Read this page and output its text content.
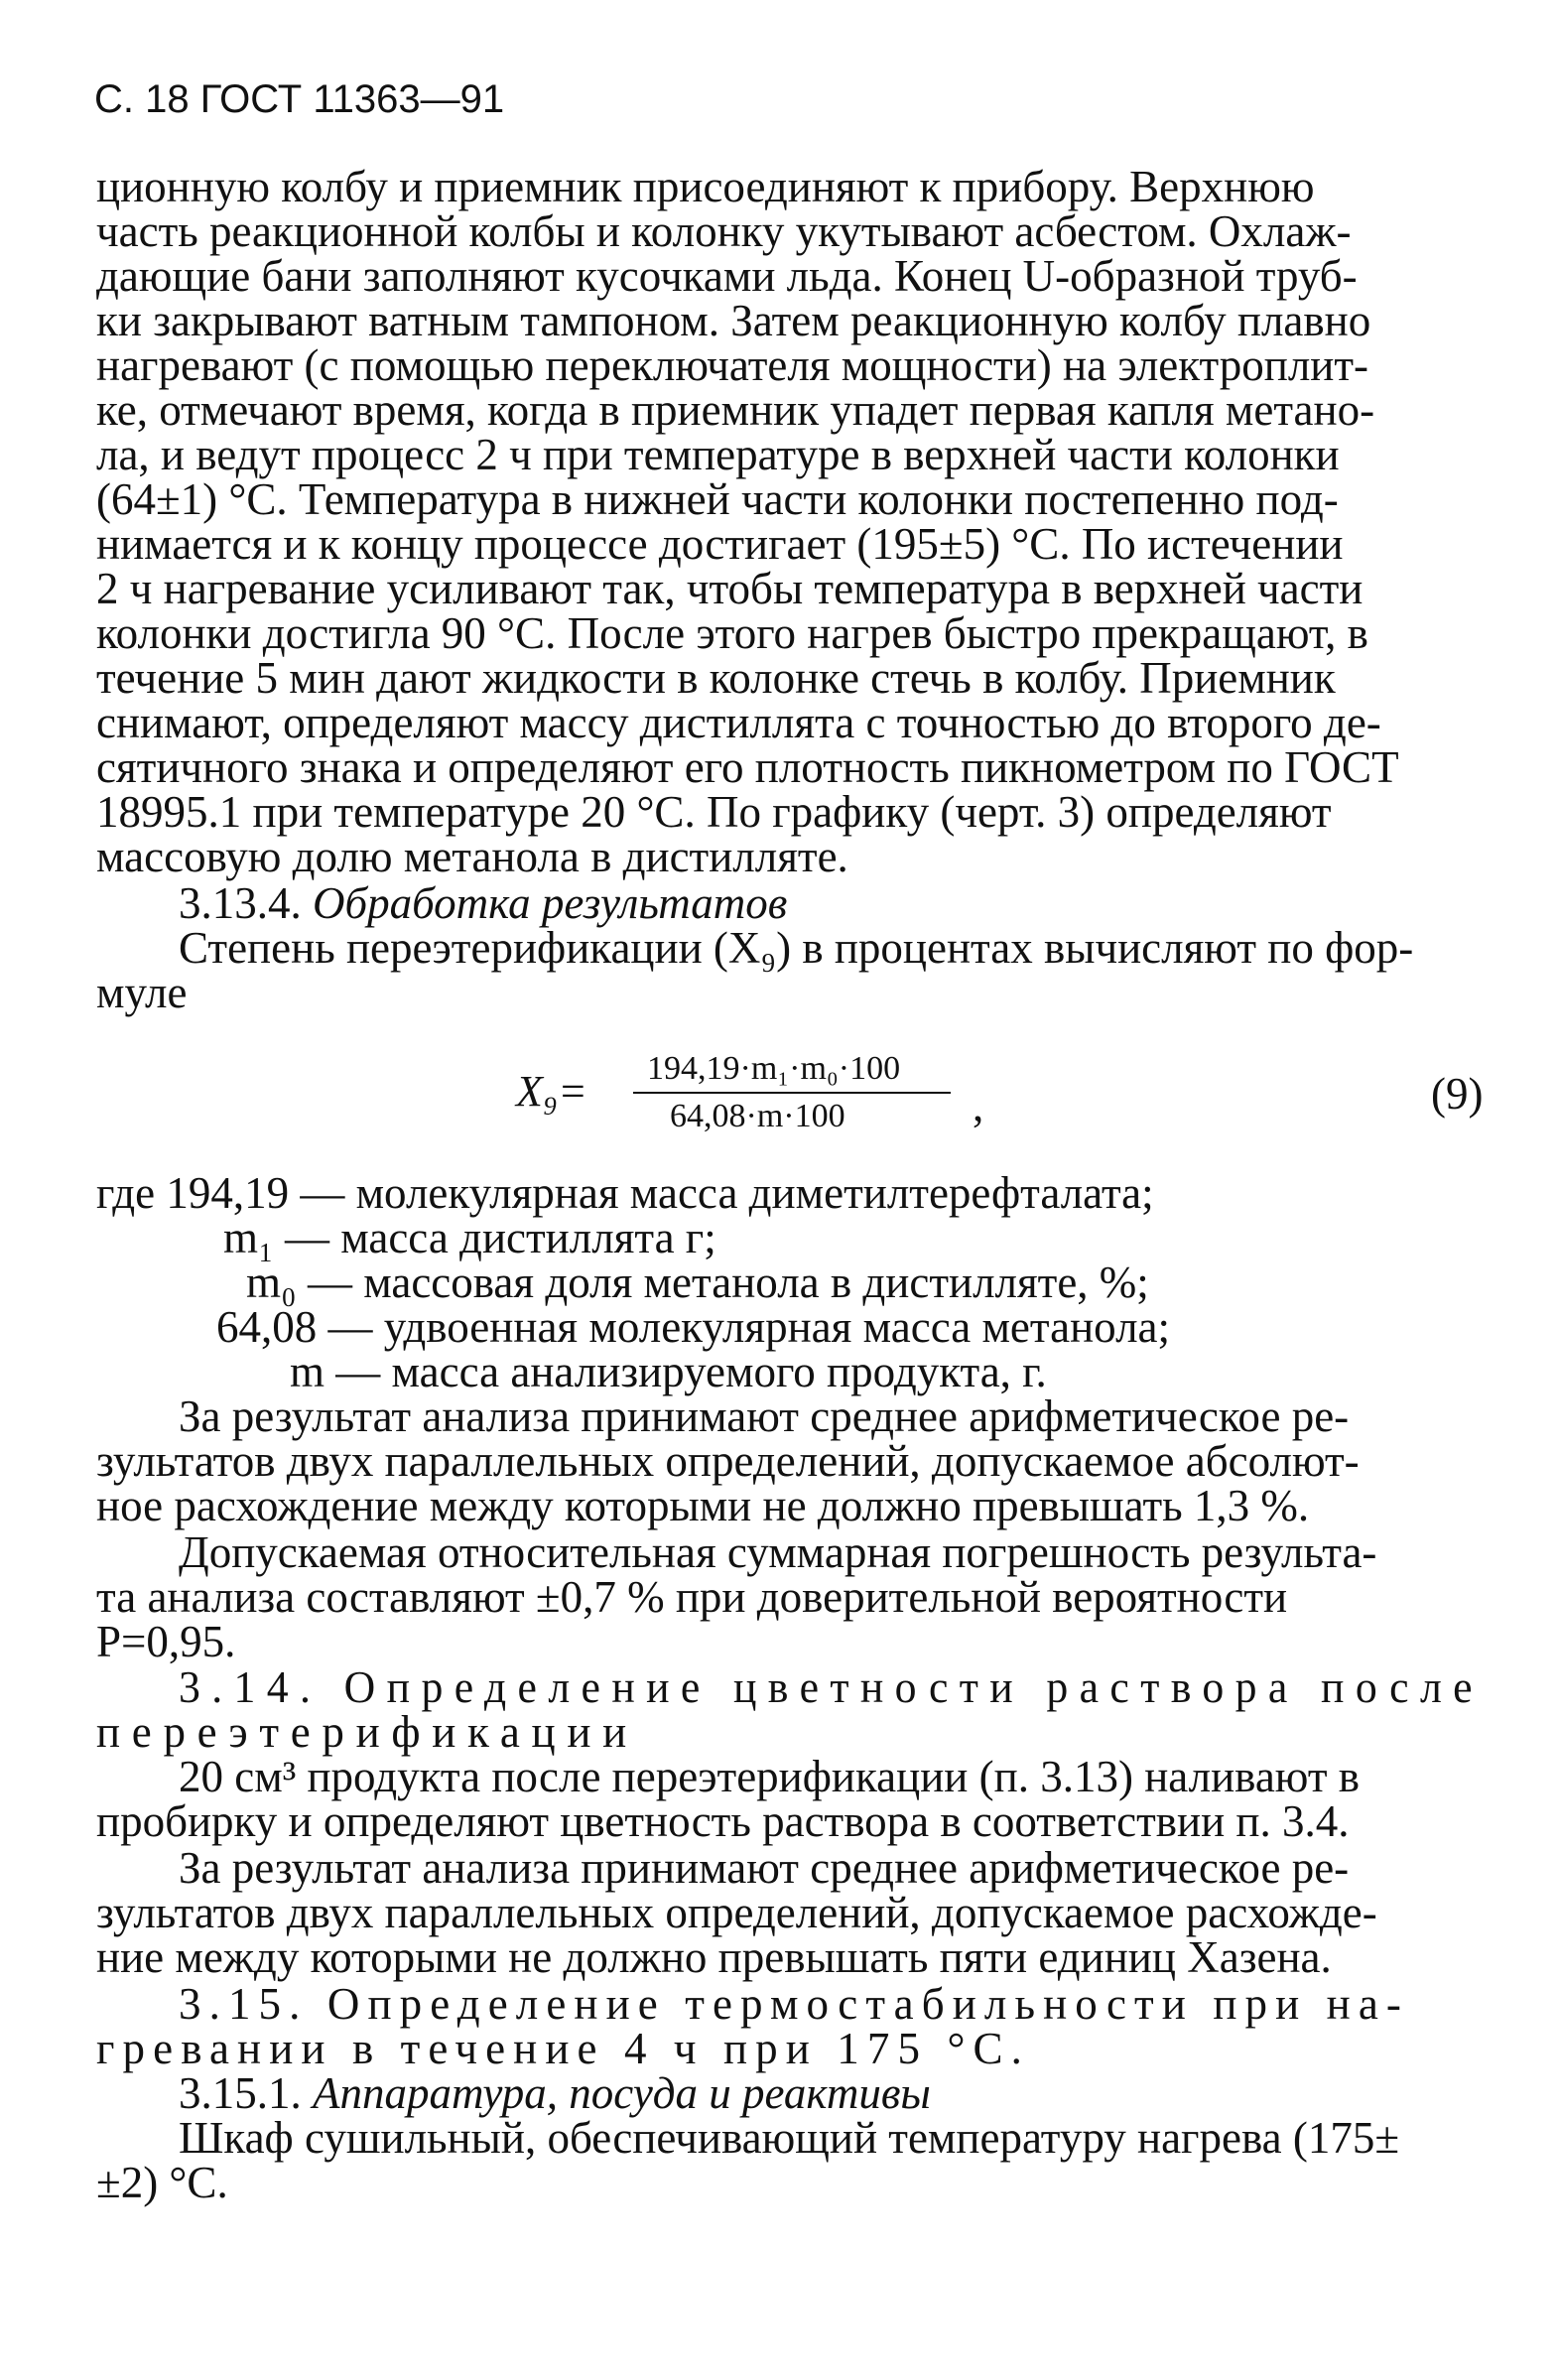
С. 18 ГОСТ 11363—91
ционную колбу и приемник присоединяют к прибору. Верхнюю
часть реакционной колбы и колонку укутывают асбестом. Охлаж-
дающие бани заполняют кусочками льда. Конец U-образной труб-
ки закрывают ватным тампоном. Затем реакционную колбу плавно
нагревают (с помощью переключателя мощности) на электроплит-
ке, отмечают время, когда в приемник упадет первая капля метано-
ла, и ведут процесс 2 ч при температуре в верхней части колонки
(64±1) °С. Температура в нижней части колонки постепенно под-
нимается и к концу процессе достигает (195±5) °С. По истечении
2 ч нагревание усиливают так, чтобы температура в верхней части
колонки достигла 90 °С. После этого нагрев быстро прекращают, в
течение 5 мин дают жидкости в колонке стечь в колбу. Приемник
снимают, определяют массу дистиллята с точностью до второго де-
сятичного знака и определяют его плотность пикнометром по ГОСТ
18995.1 при температуре 20 °С. По графику (черт. 3) определяют
массовую долю метанола в дистилляте.
3.13.4. Обработка результатов
Степень переэтерификации (X₉) в процентах вычисляют по фор-
муле
X₉= 194,19·m₁·m₀·100
64,08·m·100	,	(9)
где 194,19 — молекулярная масса диметилтерефталата;
m₁ — масса дистиллята г;
m₀ — массовая доля метанола в дистилляте, %;
64,08 — удвоенная молекулярная масса метанола;
m — масса анализируемого продукта, г.
За результат анализа принимают среднее арифметическое ре-
зультатов двух параллельных определений, допускаемое абсолют-
ное расхождение между которыми не должно превышать 1,3 %.
Допускаемая относительная суммарная погрешность результа-
та анализа составляют ±0,7 % при доверительной вероятности
P=0,95.
3.14. Определение цветности раствора после
переэтерификации
20 см³ продукта после переэтерификации (п. 3.13) наливают в
пробирку и определяют цветность раствора в соответствии п. 3.4.
За результат анализа принимают среднее арифметическое ре-
зультатов двух параллельных определений, допускаемое расхожде-
ние между которыми не должно превышать пяти единиц Хазена.
3.15. Определение термостабильности при на-
гревании в течение 4 ч при 175 °С.
3.15.1. Аппаратура, посуда и реактивы
Шкаф сушильный, обеспечивающий температуру нагрева (175±
±2) °С.
